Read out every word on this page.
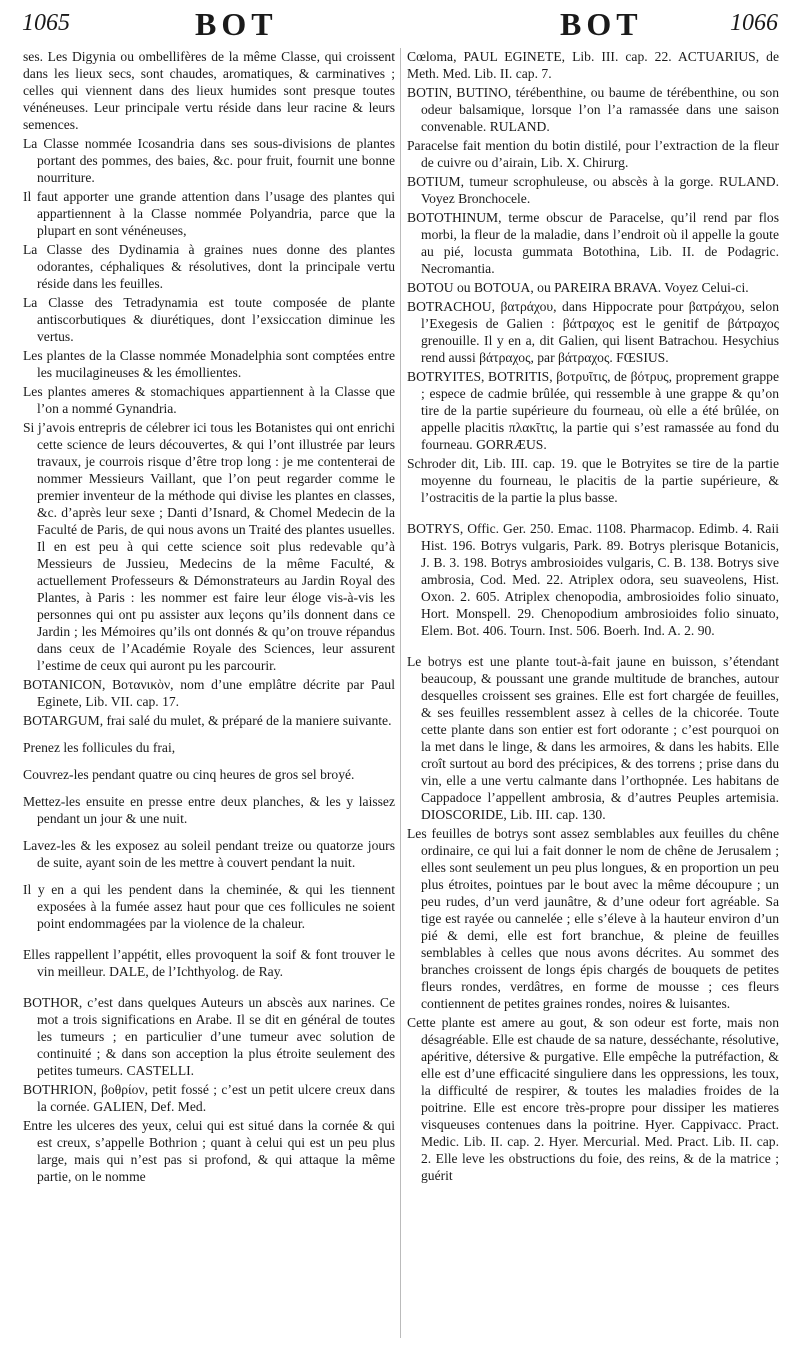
1065	BOT	BOT	1066

ses. Les Digynia ou ombellifères de la même Classe, qui croissent dans les lieux secs, sont chaudes, aromatiques, & carminatives ; celles qui viennent dans des lieux humides sont presque toutes vénéneuses. Leur principale vertu réside dans leur racine & leurs semences.

La Classe nommée Icosandria dans ses sous-divisions de plantes portant des pommes, des baies, &c. pour fruit, fournit une bonne nourriture.

Il faut apporter une grande attention dans l’usage des plantes qui appartiennent à la Classe nommée Polyandria, parce que la plupart en sont vénéneuses,

La Classe des Dydinamia à graines nues donne des plantes odorantes, céphaliques & résolutives, dont la principale vertu réside dans les feuilles.

La Classe des Tetradynamia est toute composée de plante antiscorbutiques & diurétiques, dont l’exsiccation diminue les vertus.

Les plantes de la Classe nommée Monadelphia sont comptées entre les mucilagineuses & les émollientes.

Les plantes ameres & stomachiques appartiennent à la Classe que l’on a nommé Gynandria.

Si j’avois entrepris de célebrer ici tous les Botanistes qui ont enrichi cette science de leurs découvertes, & qui l’ont illustrée par leurs travaux, je courrois risque d’être trop long : je me contenterai de nommer Messieurs Vaillant, que l’on peut regarder comme le premier inventeur de la méthode qui divise les plantes en classes, &c. d’après leur sexe ; Danti d’Isnard, & Chomel Medecin de la Faculté de Paris, de qui nous avons un Traité des plantes usuelles. Il en est peu à qui cette science soit plus redevable qu’à Messieurs de Jussieu, Medecins de la même Faculté, & actuellement Professeurs & Démonstrateurs au Jardin Royal des Plantes, à Paris : les nommer est faire leur éloge vis-à-vis les personnes qui ont pu assister aux leçons qu’ils donnent dans ce Jardin ; les Mémoires qu’ils ont donnés & qu’on trouve répandus dans ceux de l’Académie Royale des Sciences, leur assurent l’estime de ceux qui auront pu les parcourir.

BOTANICON, Βοτανικὸν, nom d’une emplâtre décrite par Paul Eginete, Lib. VII. cap. 17.

BOTARGUM, frai salé du mulet, & préparé de la maniere suivante.

Prenez les follicules du frai,

Couvrez-les pendant quatre ou cinq heures de gros sel broyé.

Mettez-les ensuite en presse entre deux planches, & les y laissez pendant un jour & une nuit.

Lavez-les & les exposez au soleil pendant treize ou quatorze jours de suite, ayant soin de les mettre à couvert pendant la nuit.

Il y en a qui les pendent dans la cheminée, & qui les tiennent exposées à la fumée assez haut pour que ces follicules ne soient point endommagées par la violence de la chaleur.

Elles rappellent l’appétit, elles provoquent la soif & font trouver le vin meilleur. DALE, de l’Ichthyolog. de Ray.

BOTHOR, c’est dans quelques Auteurs un abscès aux narines. Ce mot a trois significations en Arabe. Il se dit en général de toutes les tumeurs ; en particulier d’une tumeur avec solution de continuité ; & dans son acception la plus étroite seulement des petites tumeurs. CASTELLI.

BOTHRION, βοθρίον, petit fossé ; c’est un petit ulcere creux dans la cornée. GALIEN, Def. Med.

Entre les ulceres des yeux, celui qui est situé dans la cornée & qui est creux, s’appelle Bothrion ; quant à celui qui est un peu plus large, mais qui n’est pas si profond, & qui attaque la même partie, on le nomme

Cœloma, PAUL EGINETE, Lib. III. cap. 22. ACTUARIUS, de Meth. Med. Lib. II. cap. 7.

BOTIN, BUTINO, térébenthine, ou baume de térébenthine, ou son odeur balsamique, lorsque l’on l’a ramassée dans une saison convenable. RULAND.

Paracelse fait mention du botin distilé, pour l’extraction de la fleur de cuivre ou d’airain, Lib. X. Chirurg.

BOTIUM, tumeur scrophuleuse, ou abscès à la gorge. RULAND. Voyez Bronchocele.

BOTOTHINUM, terme obscur de Paracelse, qu’il rend par flos morbi, la fleur de la maladie, dans l’endroit où il appelle la goute au pié, locusta gummata Botothina, Lib. II. de Podagric. Necromantia.

BOTOU ou BOTOUA, ou PAREIRA BRAVA. Voyez Celui-ci.

BOTRACHOU, βατράχου, dans Hippocrate pour βατράχου, selon l’Exegesis de Galien : βάτραχος est le genitif de βάτραχος grenouille. Il y en a, dit Galien, qui lisent Batrachou. Hesychius rend aussi βάτραχος, par βάτραχος. FŒSIUS.

BOTRYITES, BOTRITIS, βοτρυῖτις, de βότρυς, proprement grappe ; espece de cadmie brûlée, qui ressemble à une grappe & qu’on tire de la partie supérieure du fourneau, où elle a été brûlée, on appelle placitis πλακῖτις, la partie qui s’est ramassée au fond du fourneau. GORRÆUS.

Schroder dit, Lib. III. cap. 19. que le Botryites se tire de la partie moyenne du fourneau, le placitis de la partie supérieure, & l’ostracitis de la partie la plus basse.

BOTRYS, Offic. Ger. 250. Emac. 1108. Pharmacop. Edimb. 4. Raii Hist. 196. Botrys vulgaris, Park. 89. Botrys plerisque Botanicis, J. B. 3. 198. Botrys ambrosioides vulgaris, C. B. 138. Botrys sive ambrosia, Cod. Med. 22. Atriplex odora, seu suaveolens, Hist. Oxon. 2. 605. Atriplex chenopodia, ambrosioides folio sinuato, Hort. Monspell. 29. Chenopodium ambrosioides folio sinuato, Elem. Bot. 406. Tourn. Inst. 506. Boerh. Ind. A. 2. 90.

Le botrys est une plante tout-à-fait jaune en buisson, s’étendant beaucoup, & poussant une grande multitude de branches, autour desquelles croissent ses graines. Elle est fort chargée de feuilles, & ses feuilles ressemblent assez à celles de la chicorée. Toute cette plante dans son entier est fort odorante ; c’est pourquoi on la met dans le linge, & dans les armoires, & dans les habits. Elle croît surtout au bord des précipices, & des torrens ; prise dans du vin, elle a une vertu calmante dans l’orthopnée. Les habitans de Cappadoce l’appellent ambrosia, & d’autres Peuples artemisia. DIOSCORIDE, Lib. III. cap. 130.

Les feuilles de botrys sont assez semblables aux feuilles du chêne ordinaire, ce qui lui a fait donner le nom de chêne de Jerusalem ; elles sont seulement un peu plus longues, & en proportion un peu plus étroites, pointues par le bout avec la même découpure ; un peu rudes, d’un verd jaunâtre, & d’une odeur fort agréable. Sa tige est rayée ou cannelée ; elle s’éleve à la hauteur environ d’un pié & demi, elle est fort branchue, & pleine de feuilles semblables à celles que nous avons décrites. Au sommet des branches croissent de longs épis chargés de bouquets de petites fleurs rondes, verdâtres, en forme de mousse ; ces fleurs contiennent de petites graines rondes, noires & luisantes.

Cette plante est amere au gout, & son odeur est forte, mais non désagréable. Elle est chaude de sa nature, desséchante, résolutive, apéritive, détersive & purgative. Elle empêche la putréfaction, & elle est d’une efficacité singuliere dans les oppressions, les toux, la difficulté de respirer, & toutes les maladies froides de la poitrine. Elle est encore très-propre pour dissiper les matieres visqueuses contenues dans la poitrine. Hyer. Cappivacc. Pract. Medic. Lib. II. cap. 2. Hyer. Mercurial. Med. Pract. Lib. II. cap. 2. Elle leve les obstructions du foie, des reins, & de la matrice ; guérit
